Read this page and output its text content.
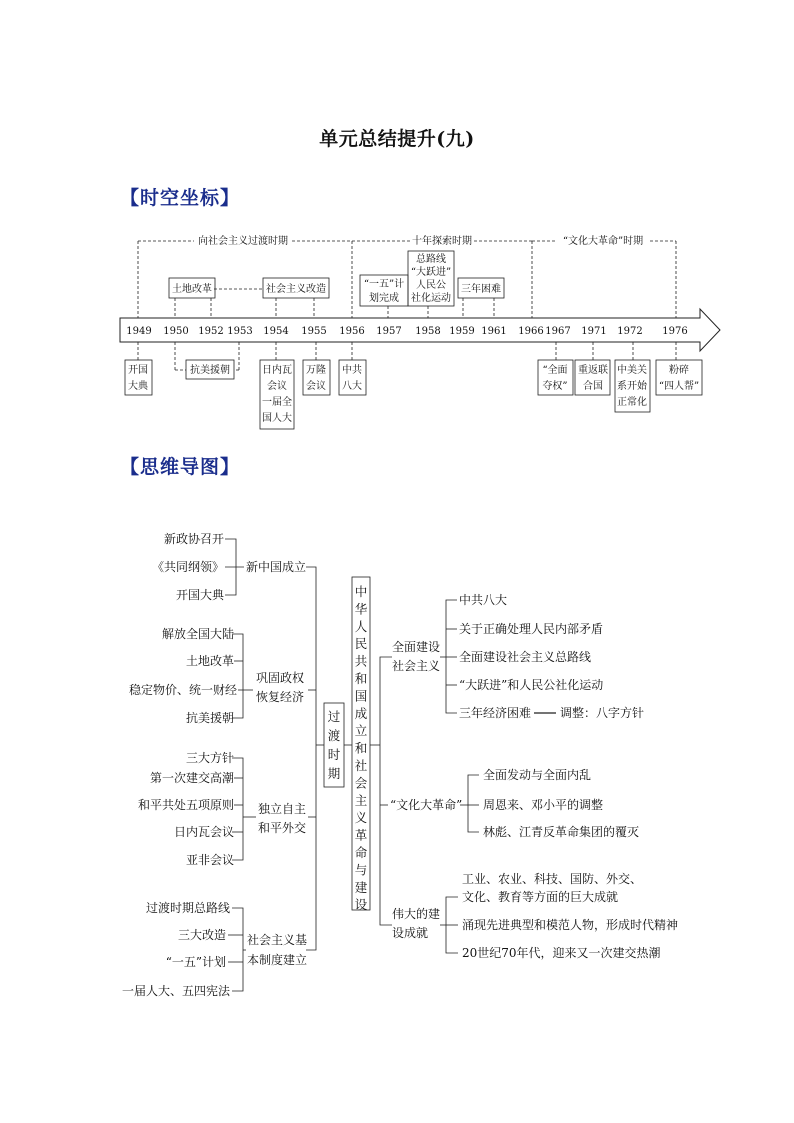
单元总结提升(九)
【时空坐标】
【思维导图】
向社会主义过渡时期	十年探索时期	“文化大革命”时期
1949 1950 1952 1953 1954 1955 1956 1957 1958 1959 1961 1966 1967 1971 1972 1976
土地改革	社会主义改造	“一五”计
划完成
总路线
“大跃进”
人民公
社化运动
三年困难
开国
大典
抗美援朝	日内瓦
会议
一届全
国人大
万隆
会议
中共
八大
“全面
夺权”
重返联
合国
中美关
系开始
正常化
粉碎
“四人帮”
新政协召开
《共同纲领》
开国大典
新中国成立
解放全国大陆
土地改革
稳定物价、统一财经
抗美援朝
巩固政权
恢复经济
三大方针
第一次建交高潮
和平共处五项原则
日内瓦会议
亚非会议
独立自主
和平外交
过渡时期总路线
三大改造
“一五”计划
一届人大、五四宪法
社会主义基
本制度建立
全面建设
社会主义
中共八大
关于正确处理人民内部矛盾
全面建设社会主义总路线
“大跃进”和人民公社化运动
三年经济困难 调整：八字方针
“文化大革命”
全面发动与全面内乱
周恩来、邓小平的调整
林彪、江青反革命集团的覆灭
伟大的建
设成就
工业、农业、科技、国防、外交、
文化、教育等方面的巨大成就
涌现先进典型和模范人物，形成时代精神
20世纪70年代，迎来又一次建交热潮
过
渡
时
期
中
华
人
民
共
和
国
成
立
和
社
会
主
义
革
命
与
建
设
